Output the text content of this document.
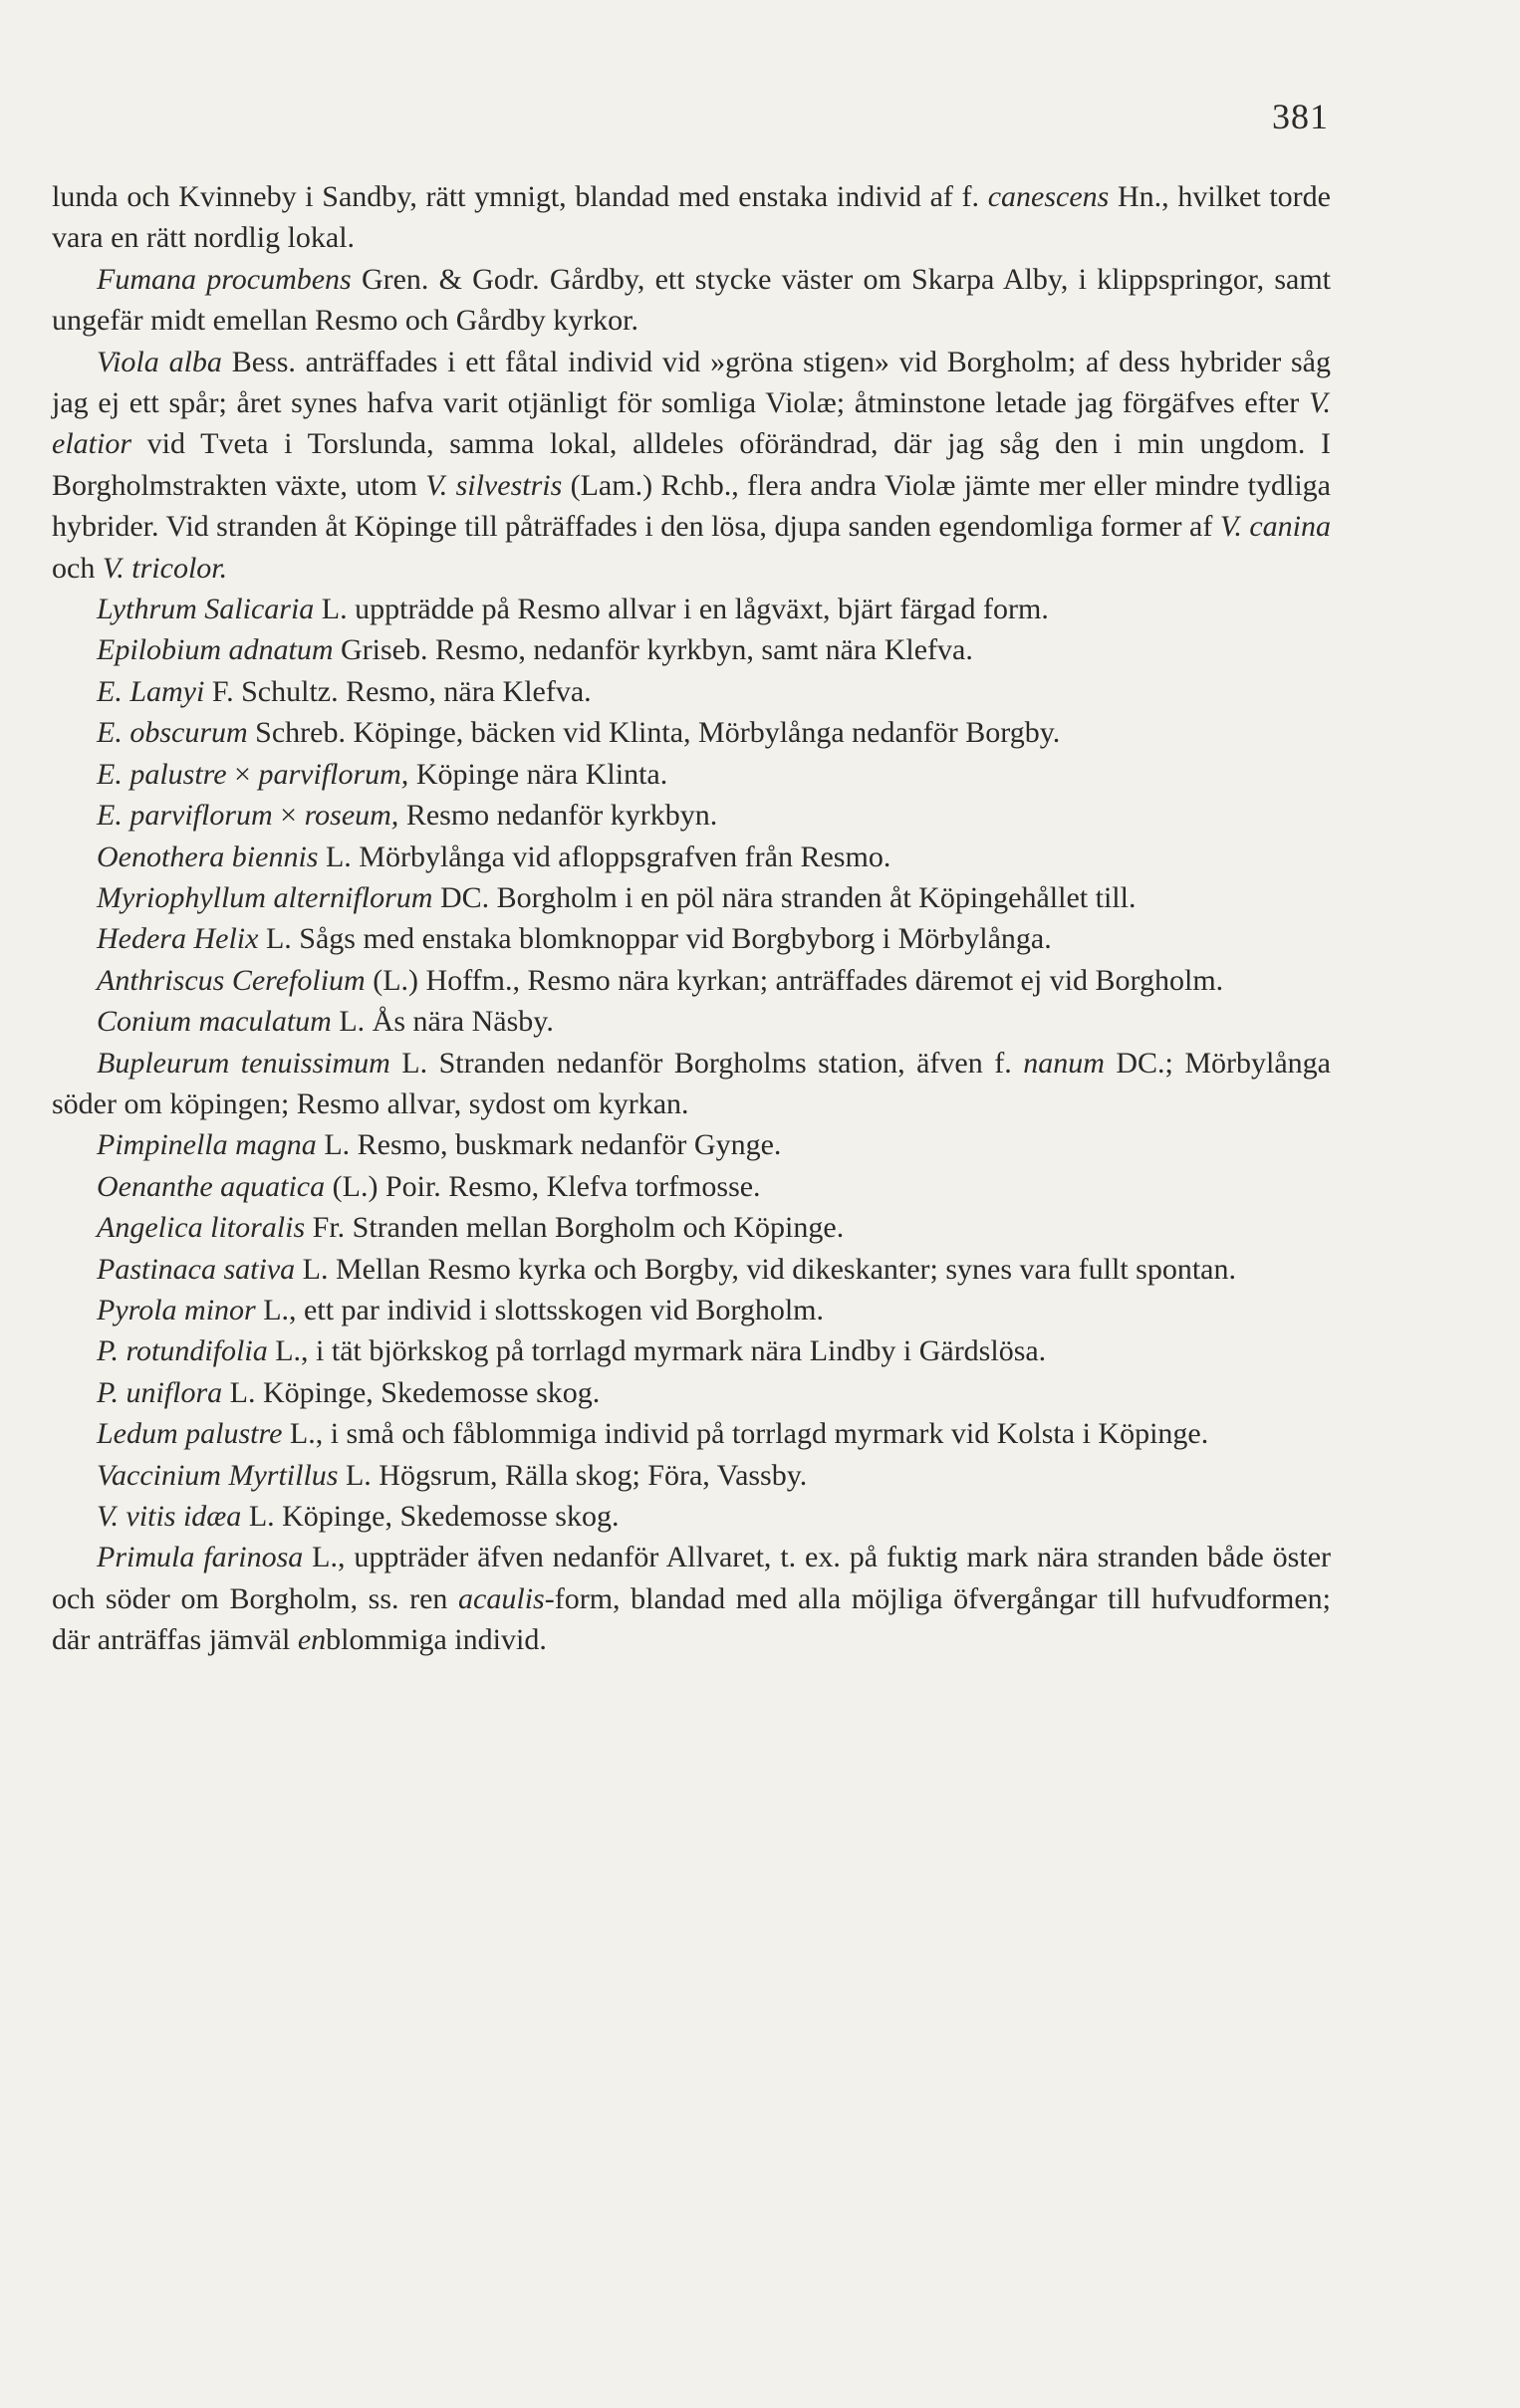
381

lunda och Kvinneby i Sandby, rätt ymnigt, blandad med enstaka individ af f. canescens Hn., hvilket torde vara en rätt nordlig lokal.

Fumana procumbens Gren. & Godr. Gårdby, ett stycke väster om Skarpa Alby, i klippspringor, samt ungefär midt emellan Resmo och Gårdby kyrkor.

Viola alba Bess. anträffades i ett fåtal individ vid »gröna stigen» vid Borgholm; af dess hybrider såg jag ej ett spår; året synes hafva varit otjänligt för somliga Violæ; åtminstone letade jag förgäfves efter V. elatior vid Tveta i Torslunda, samma lokal, alldeles oförändrad, där jag såg den i min ungdom. I Borgholmstrakten växte, utom V. silvestris (Lam.) Rchb., flera andra Violæ jämte mer eller mindre tydliga hybrider. Vid stranden åt Köpinge till påträffades i den lösa, djupa sanden egendomliga former af V. canina och V. tricolor.

Lythrum Salicaria L. uppträdde på Resmo allvar i en lågväxt, bjärt färgad form.

Epilobium adnatum Griseb. Resmo, nedanför kyrkbyn, samt nära Klefva.

E. Lamyi F. Schultz. Resmo, nära Klefva.

E. obscurum Schreb. Köpinge, bäcken vid Klinta, Mörbylånga nedanför Borgby.

E. palustre × parviflorum, Köpinge nära Klinta.

E. parviflorum × roseum, Resmo nedanför kyrkbyn.

Oenothera biennis L. Mörbylånga vid afloppsgrafven från Resmo.

Myriophyllum alterniflorum DC. Borgholm i en pöl nära stranden åt Köpingehållet till.

Hedera Helix L. Sågs med enstaka blomknoppar vid Borgbyborg i Mörbylånga.

Anthriscus Cerefolium (L.) Hoffm., Resmo nära kyrkan; anträffades däremot ej vid Borgholm.

Conium maculatum L. Ås nära Näsby.

Bupleurum tenuissimum L. Stranden nedanför Borgholms station, äfven f. nanum DC.; Mörbylånga söder om köpingen; Resmo allvar, sydost om kyrkan.

Pimpinella magna L. Resmo, buskmark nedanför Gynge.

Oenanthe aquatica (L.) Poir. Resmo, Klefva torfmosse.

Angelica litoralis Fr. Stranden mellan Borgholm och Köpinge.

Pastinaca sativa L. Mellan Resmo kyrka och Borgby, vid dikeskanter; synes vara fullt spontan.

Pyrola minor L., ett par individ i slottsskogen vid Borgholm.

P. rotundifolia L., i tät björkskog på torrlagd myrmark nära Lindby i Gärdslösa.

P. uniflora L. Köpinge, Skedemosse skog.

Ledum palustre L., i små och fåblommiga individ på torrlagd myrmark vid Kolsta i Köpinge.

Vaccinium Myrtillus L. Högsrum, Rälla skog; Föra, Vassby.

V. vitis idæa L. Köpinge, Skedemosse skog.

Primula farinosa L., uppträder äfven nedanför Allvaret, t. ex. på fuktig mark nära stranden både öster och söder om Borgholm, ss. ren acaulis-form, blandad med alla möjliga öfvergångar till hufvudformen; där anträffas jämväl enblommiga individ.
